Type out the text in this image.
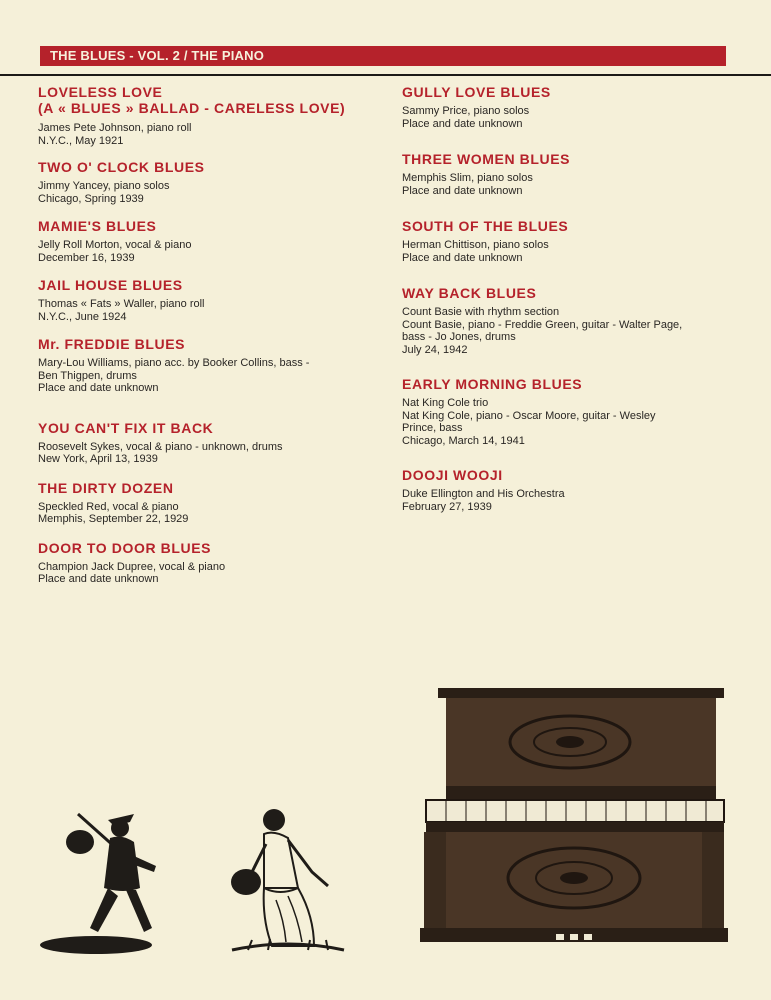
THE BLUES - VOL. 2 / THE PIANO

LOVELESS LOVE
(A « BLUES » BALLAD - CARELESS LOVE)

James Pete Johnson, piano roll

N.Y.C., May 1921

TWO O' CLOCK BLUES

Jimmy Yancey, piano solos

Chicago, Spring 1939

MAMIE'S BLUES

Jelly Roll Morton, vocal & piano

December 16, 1939

JAIL HOUSE BLUES

Thomas « Fats » Waller, piano roll

N.Y.C., June 1924

Mr. FREDDIE BLUES

Mary-Lou Williams, piano acc. by Booker Collins, bass -

Ben Thigpen, drums

Place and date unknown

YOU CAN'T FIX IT BACK

Roosevelt Sykes, vocal & piano - unknown, drums

New York, April 13, 1939

THE DIRTY DOZEN

Speckled Red, vocal & piano

Memphis, September 22, 1929

DOOR TO DOOR BLUES

Champion Jack Dupree, vocal & piano

Place and date unknown

GULLY LOVE BLUES

Sammy Price, piano solos

Place and date unknown

THREE WOMEN BLUES

Memphis Slim, piano solos

Place and date unknown

SOUTH OF THE BLUES

Herman Chittison, piano solos

Place and date unknown

WAY BACK BLUES

Count Basie with rhythm section

Count Basie, piano - Freddie Green, guitar - Walter Page,

bass - Jo Jones, drums

July 24, 1942

EARLY MORNING BLUES

Nat King Cole trio

Nat King Cole, piano - Oscar Moore, guitar - Wesley

Prince, bass

Chicago, March 14, 1941

DOOJI WOOJI

Duke Ellington and His Orchestra

February 27, 1939
